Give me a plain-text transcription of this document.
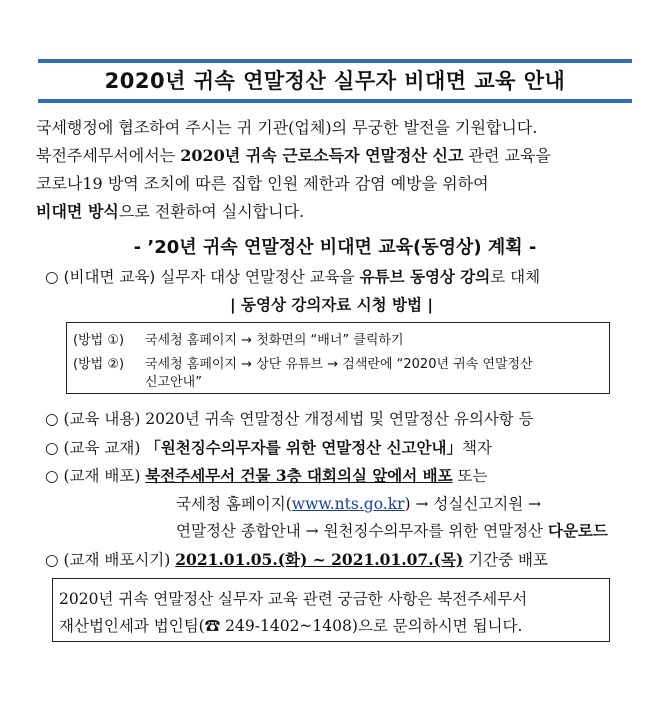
2020년 귀속 연말정산 실무자 비대면 교육 안내
국세행정에 협조하여 주시는 귀 기관(업체)의 무궁한 발전을 기원합니다.
북전주세무서에서는 2020년 귀속 근로소득자 연말정산 신고 관련 교육을
코로나19 방역 조치에 따른 집합 인원 제한과 감염 예방을 위하여
비대면 방식으로 전환하여 실시합니다.
- ’20년 귀속 연말정산 비대면 교육(동영상) 계획 -
○ (비대면 교육) 실무자 대상 연말정산 교육을 유튜브 동영상 강의로 대체
| 동영상 강의자료 시청 방법 |
(방법 ①) 국세청 홈페이지 → 첫화면의 “배너” 클릭하기
(방법 ②) 국세청 홈페이지 → 상단 유튜브 → 검색란에 “2020년 귀속 연말정산
신고안내”
○ (교육 내용) 2020년 귀속 연말정산 개정세법 및 연말정산 유의사항 등
○ (교육 교재) 「원천징수의무자를 위한 연말정산 신고안내」책자
○ (교재 배포) 북전주세무서 건물 3층 대회의실 앞에서 배포 또는
국세청 홈페이지(www.nts.go.kr) → 성실신고지원 →
연말정산 종합안내 → 원천징수의무자를 위한 연말정산 다운로드
○ (교재 배포시기) 2021.01.05.(화) ~ 2021.01.07.(목) 기간중 배포
2020년 귀속 연말정산 실무자 교육 관련 궁금한 사항은 북전주세무서
재산법인세과 법인팀(☎ 249-1402~1408)으로 문의하시면 됩니다.
